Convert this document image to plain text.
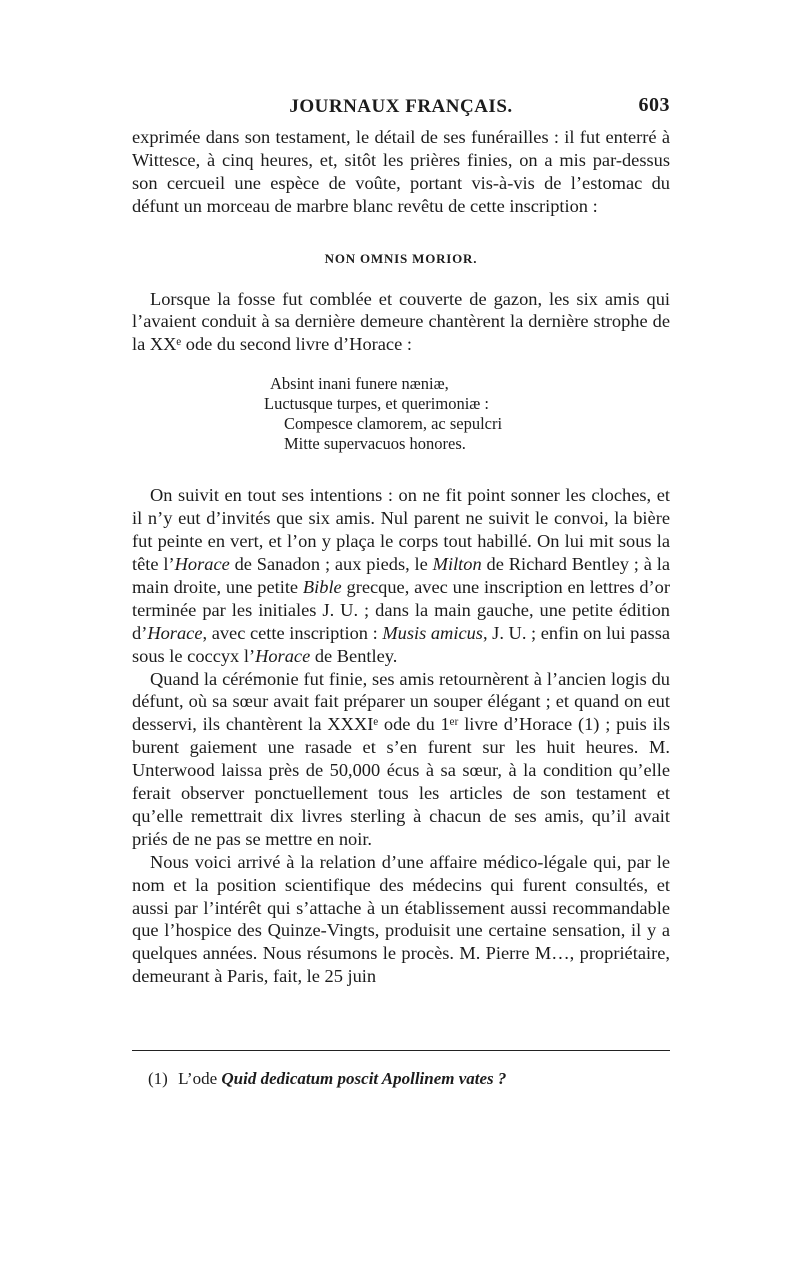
JOURNAUX FRANÇAIS.	603

exprimée dans son testament, le détail de ses funérailles : il fut enterré à Wittesce, à cinq heures, et, sitôt les prières finies, on a mis par-dessus son cercueil une espèce de voûte, portant vis-à-vis de l’estomac du défunt un morceau de marbre blanc revêtu de cette inscription :

NON OMNIS MORIOR.

Lorsque la fosse fut comblée et couverte de gazon, les six amis qui l’avaient conduit à sa dernière demeure chantèrent la dernière strophe de la XXᵉ ode du second livre d’Horace :

Absint inani funere næniæ,
Luctusque turpes, et querimoniæ :
Compesce clamorem, ac sepulcri
Mitte supervacuos honores.

On suivit en tout ses intentions : on ne fit point sonner les cloches, et il n’y eut d’invités que six amis. Nul parent ne suivit le convoi, la bière fut peinte en vert, et l’on y plaça le corps tout habillé. On lui mit sous la tête l’Horace de Sanadon ; aux pieds, le Milton de Richard Bentley ; à la main droite, une petite Bible grecque, avec une inscription en lettres d’or terminée par les initiales J. U. ; dans la main gauche, une petite édition d’Horace, avec cette inscription : Musis amicus, J. U. ; enfin on lui passa sous le coccyx l’Horace de Bentley.

Quand la cérémonie fut finie, ses amis retournèrent à l’ancien logis du défunt, où sa sœur avait fait préparer un souper élégant ; et quand on eut desservi, ils chantèrent la XXXIᵉ ode du 1ᵉʳ livre d’Horace (1) ; puis ils burent gaiement une rasade et s’en furent sur les huit heures. M. Unterwood laissa près de 50,000 écus à sa sœur, à la condition qu’elle ferait observer ponctuellement tous les articles de son testament et qu’elle remettrait dix livres sterling à chacun de ses amis, qu’il avait priés de ne pas se mettre en noir.

Nous voici arrivé à la relation d’une affaire médico-légale qui, par le nom et la position scientifique des médecins qui furent consultés, et aussi par l’intérêt qui s’attache à un établissement aussi recommandable que l’hospice des Quinze-Vingts, produisit une certaine sensation, il y a quelques années. Nous résumons le procès. M. Pierre M…, propriétaire, demeurant à Paris, fait, le 25 juin

(1) L’ode Quid dedicatum poscit Apollinem vates ?
